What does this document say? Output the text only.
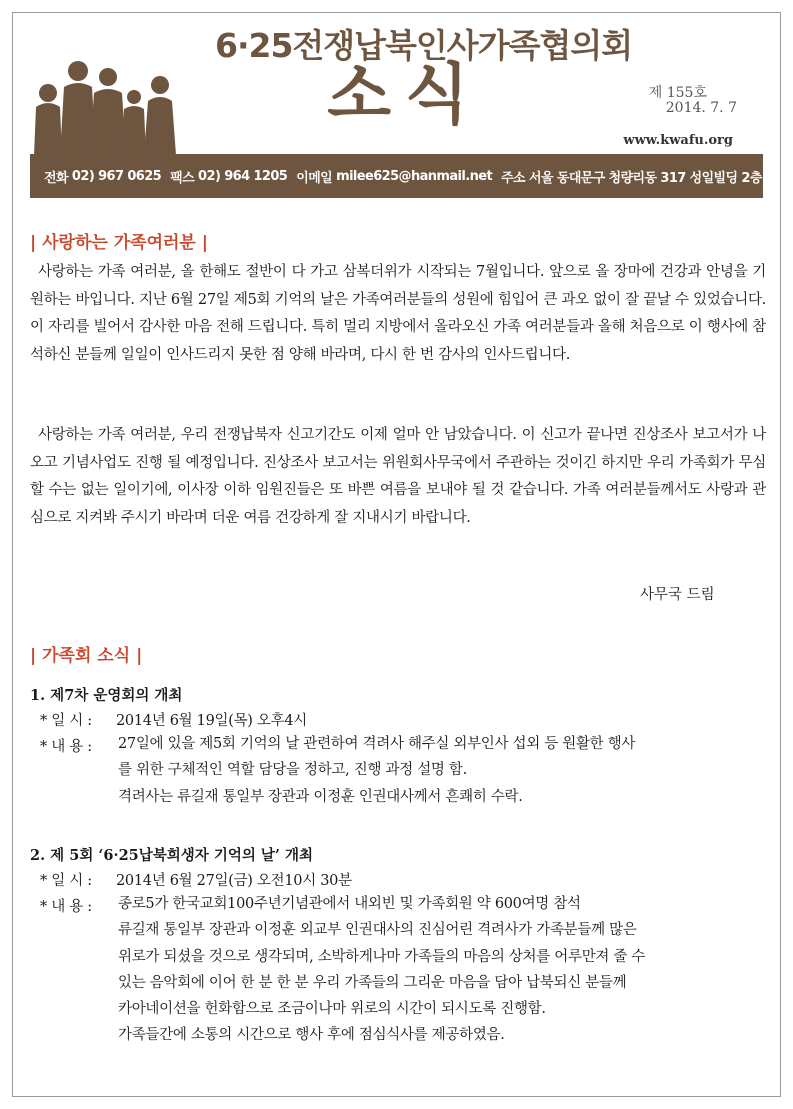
6·25전쟁납북인사가족협의회
소식	제 155호
2014. 7. 7
www.kwafu.org
전화 02) 967 0625 팩스 02) 964 1205 이메일 milee625@hanmail.net 주소 서울 동대문구 청량리동 317 성일빌딩 2층
| 사랑하는 가족여러분 |

사랑하는 가족 여러분, 올 한해도 절반이 다 가고 삼복더위가 시작되는 7월입니다. 앞으로 올 장마에 건강과 안녕을 기원하는 바입니다. 지난 6월 27일 제5회 기억의 날은 가족여러분들의 성원에 힘입어 큰 과오 없이 잘 끝날 수 있었습니다. 이 자리를 빌어서 감사한 마음 전해 드립니다. 특히 멀리 지방에서 올라오신 가족 여러분들과 올해 처음으로 이 행사에 참석하신 분들께 일일이 인사드리지 못한 점 양해 바라며, 다시 한 번 감사의 인사드립니다.

사랑하는 가족 여러분, 우리 전쟁납북자 신고기간도 이제 얼마 안 남았습니다. 이 신고가 끝나면 진상조사 보고서가 나오고 기념사업도 진행 될 예정입니다. 진상조사 보고서는 위원회사무국에서 주관하는 것이긴 하지만 우리 가족회가 무심할 수는 없는 일이기에, 이사장 이하 임원진들은 또 바쁜 여름을 보내야 될 것 같습니다. 가족 여러분들께서도 사랑과 관심으로 지켜봐 주시기 바라며 더운 여름 건강하게 잘 지내시기 바랍니다.

사무국 드림
| 가족회 소식 |
1. 제7차 운영회의 개최
* 일 시 : 2014년 6월 19일(목) 오후4시
* 내 용 :	27일에 있을 제5회 기억의 날 관련하여 격려사 해주실 외부인사 섭외 등 원활한 행사
를 위한 구체적인 역할 담당을 정하고, 진행 과정 설명 함.
격려사는 류길재 통일부 장관과 이정훈 인권대사께서 흔쾌히 수락.
2. 제 5회 ‘6·25납북희생자 기억의 날’ 개최
* 일 시 : 2014년 6월 27일(금) 오전10시 30분
* 내 용 :	종로5가 한국교회100주년기념관에서 내외빈 및 가족회원 약 600여명 참석
류길재 통일부 장관과 이정훈 외교부 인권대사의 진심어린 격려사가 가족분들께 많은
위로가 되셨을 것으로 생각되며, 소박하게나마 가족들의 마음의 상처를 어루만져 줄 수
있는 음악회에 이어 한 분 한 분 우리 가족들의 그리운 마음을 담아 납북되신 분들께
카아네이션을 헌화함으로 조금이나마 위로의 시간이 되시도록 진행함.
가족들간에 소통의 시간으로 행사 후에 점심식사를 제공하였음.
